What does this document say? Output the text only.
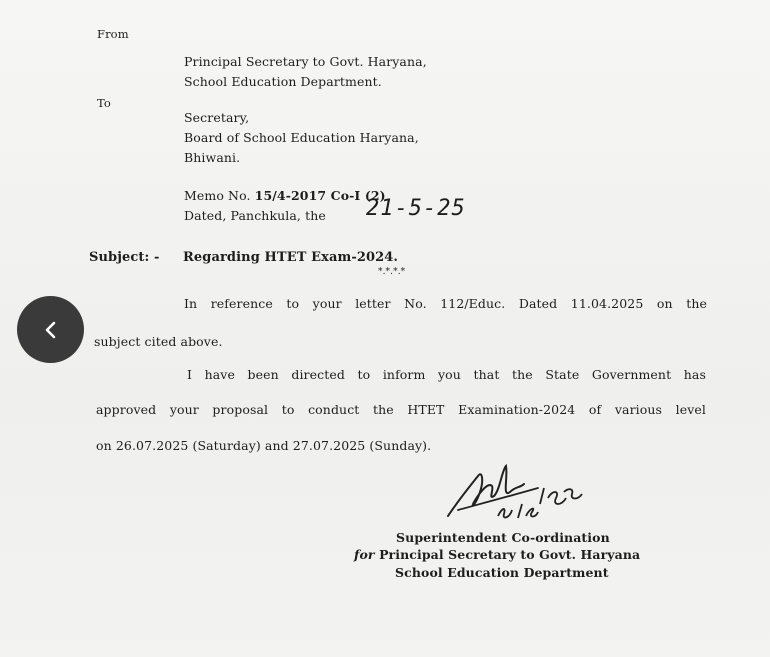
From
Principal Secretary to Govt. Haryana,
School Education Department.
To
Secretary,
Board of School Education Haryana,
Bhiwani.
Memo No. 15/4-2017 Co-I (2)
Dated, Panchkula, the 21-5-25
Subject: - Regarding HTET Exam-2024.
*.*.*.*
In reference to your letter No. 112/Educ. Dated 11.04.2025 on the
subject cited above.
I have been directed to inform you that the State Government has
approved your proposal to conduct the HTET Examination-2024 of various level
on 26.07.2025 (Saturday) and 27.07.2025 (Sunday).
Superintendent Co-ordination
for Principal Secretary to Govt. Haryana
School Education Department
